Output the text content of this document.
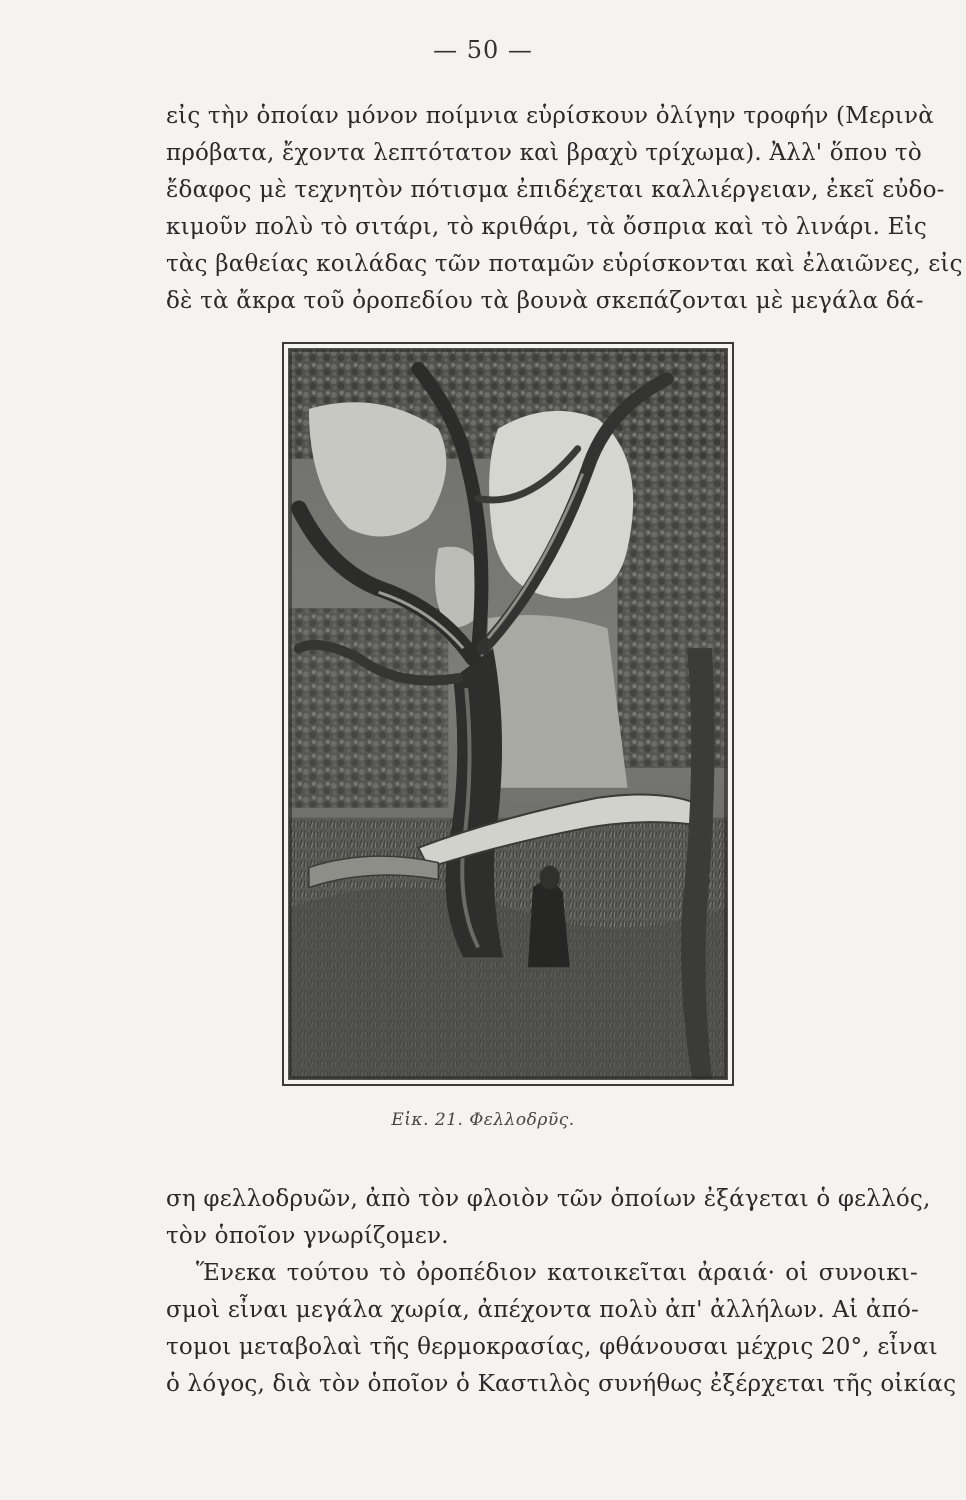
— 50 —
εἰς τὴν ὁποίαν μόνον ποίμνια εὑρίσκουν ὀλίγην τροφήν (Μερινὰ
πρόβατα, ἔχοντα λεπτότατον καὶ βραχὺ τρίχωμα). Ἀλλ' ὅπου τὸ
ἔδαφος μὲ τεχνητὸν πότισμα ἐπιδέχεται καλλιέργειαν, ἐκεῖ εὐδο-
κιμοῦν πολὺ τὸ σιτάρι, τὸ κριθάρι, τὰ ὄσπρια καὶ τὸ λινάρι. Εἰς
τὰς βαθείας κοιλάδας τῶν ποταμῶν εὑρίσκονται καὶ ἐλαιῶνες, εἰς
δὲ τὰ ἄκρα τοῦ ὀροπεδίου τὰ βουνὰ σκεπάζονται μὲ μεγάλα δά-
Εἰκ. 21. Φελλοδρῦς.
ση φελλοδρυῶν, ἀπὸ τὸν φλοιὸν τῶν ὁποίων ἐξάγεται ὁ φελλός,
τὸν ὁποῖον γνωρίζομεν.
Ἕνεκα τούτου τὸ ὀροπέδιον κατοικεῖται ἀραιά· οἱ συνοικι-
σμοὶ εἶναι μεγάλα χωρία, ἀπέχοντα πολὺ ἀπ' ἀλλήλων. Αἱ ἀπό-
τομοι μεταβολαὶ τῆς θερμοκρασίας, φθάνουσαι μέχρις 20°, εἶναι
ὁ λόγος, διὰ τὸν ὁποῖον ὁ Καστιλὸς συνήθως ἐξέρχεται τῆς οἰκίας
